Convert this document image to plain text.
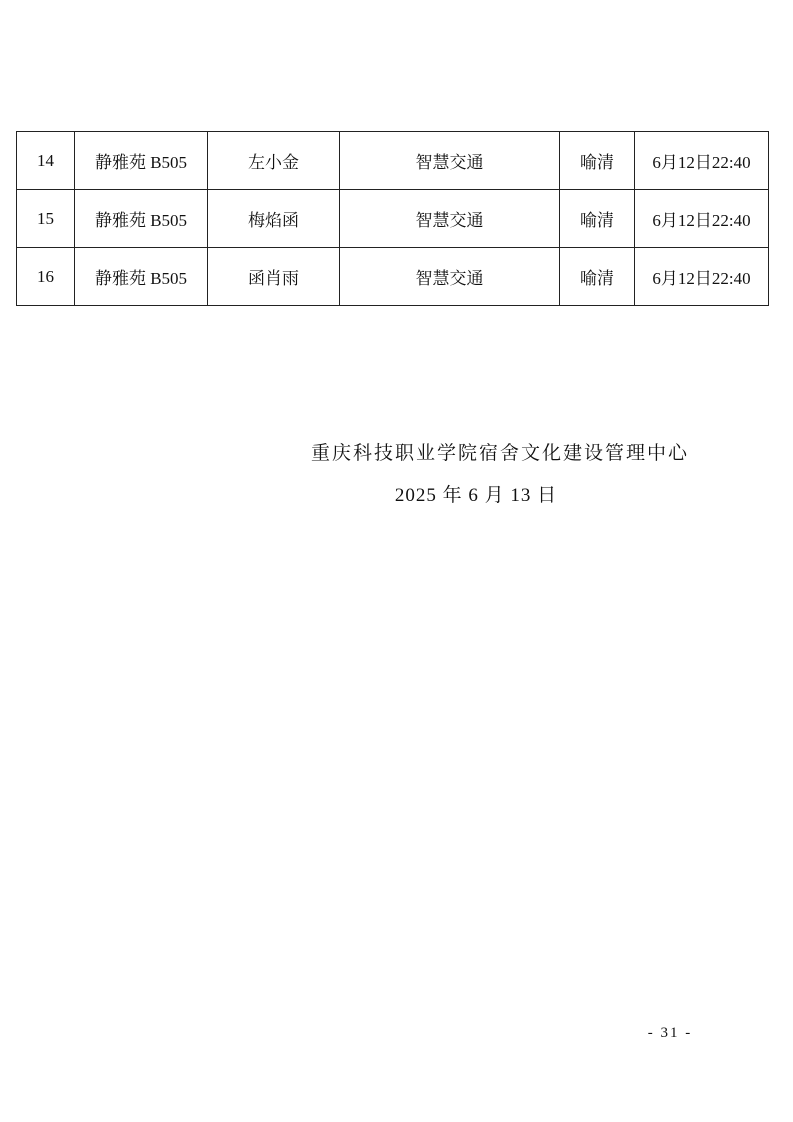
14	静雅苑 B505	左小金	智慧交通	喻清	6月12日22:40
15	静雅苑 B505	梅焰函	智慧交通	喻清	6月12日22:40
16	静雅苑 B505	函肖雨	智慧交通	喻清	6月12日22:40
重庆科技职业学院宿舍文化建设管理中心
2025 年 6 月 13 日
- 31 -
